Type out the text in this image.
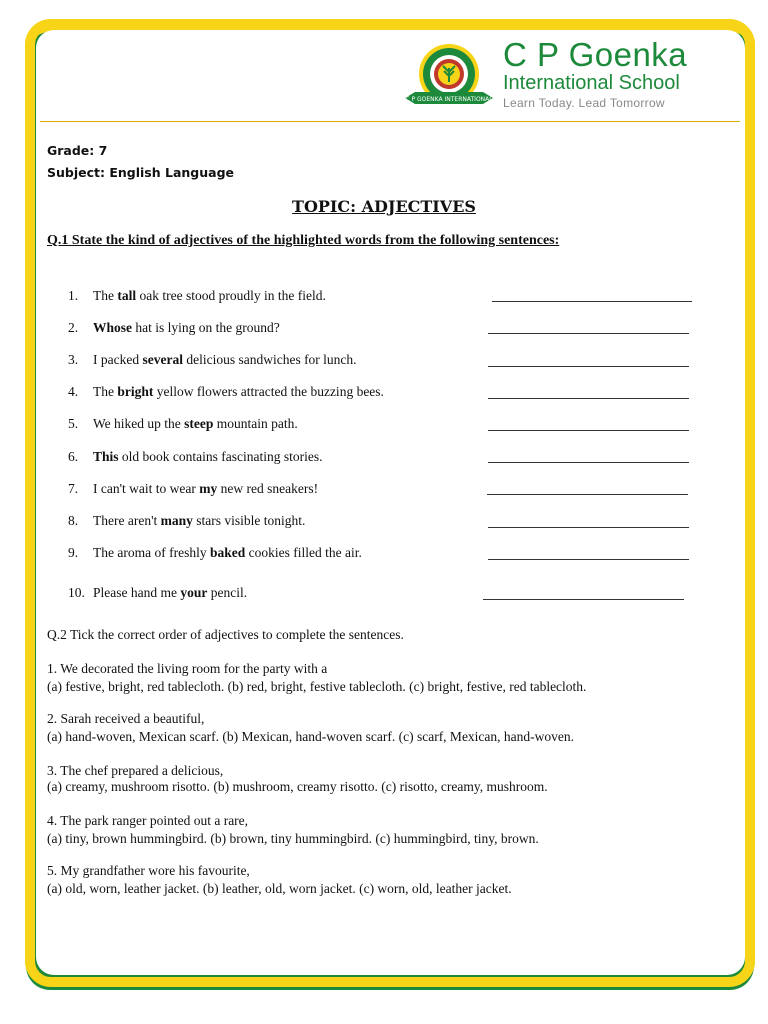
C P GOENKA INTERNATIONAL
C P Goenka
International School
Learn Today. Lead Tomorrow
Grade: 7
Subject: English Language
TOPIC: ADJECTIVES
Q.1 State the kind of adjectives of the highlighted words from the following sentences:
1. The tall oak tree stood proudly in the field.
2. Whose hat is lying on the ground?
3. I packed several delicious sandwiches for lunch.
4. The bright yellow flowers attracted the buzzing bees.
5. We hiked up the steep mountain path.
6. This old book contains fascinating stories.
7. I can't wait to wear my new red sneakers!
8. There aren't many stars visible tonight.
9. The aroma of freshly baked cookies filled the air.
10. Please hand me your pencil.
Q.2 Tick the correct order of adjectives to complete the sentences.
1. We decorated the living room for the party with a
(a) festive, bright, red tablecloth. (b) red, bright, festive tablecloth. (c) bright, festive, red tablecloth.
2. Sarah received a beautiful,
(a) hand-woven, Mexican scarf. (b) Mexican, hand-woven scarf. (c) scarf, Mexican, hand-woven.
3. The chef prepared a delicious,
(a) creamy, mushroom risotto. (b) mushroom, creamy risotto. (c) risotto, creamy, mushroom.
4. The park ranger pointed out a rare,
(a) tiny, brown hummingbird. (b) brown, tiny hummingbird. (c) hummingbird, tiny, brown.
5. My grandfather wore his favourite,
(a) old, worn, leather jacket. (b) leather, old, worn jacket. (c) worn, old, leather jacket.
